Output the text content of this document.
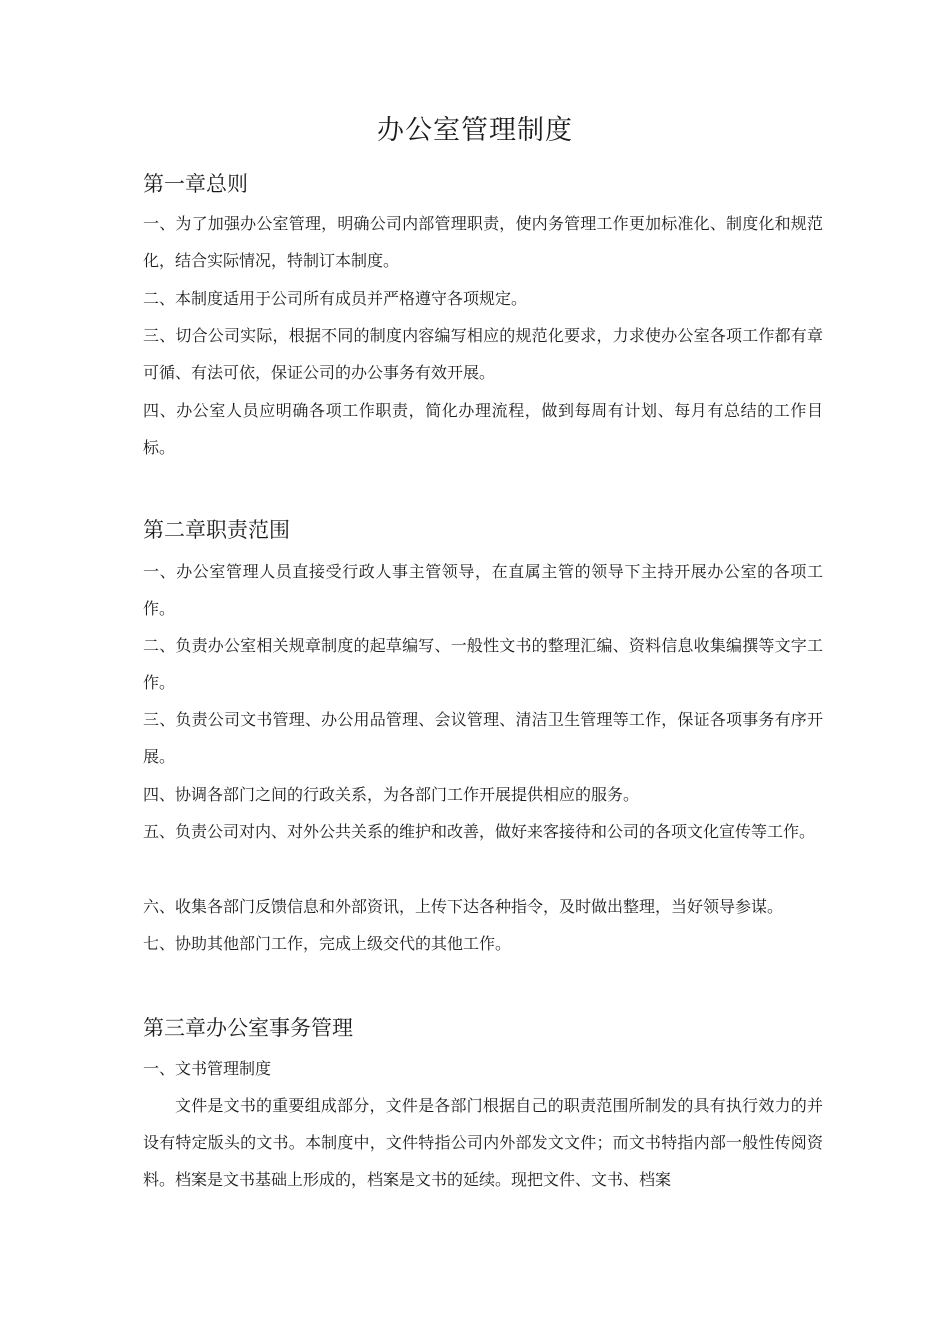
办公室管理制度
第一章总则

一、为了加强办公室管理，明确公司内部管理职责，使内务管理工作更加标准化、制度化和规范化，结合实际情况，特制订本制度。

二、本制度适用于公司所有成员并严格遵守各项规定。

三、切合公司实际，根据不同的制度内容编写相应的规范化要求，力求使办公室各项工作都有章可循、有法可依，保证公司的办公事务有效开展。

四、办公室人员应明确各项工作职责，简化办理流程，做到每周有计划、每月有总结的工作目标。

第二章职责范围

一、办公室管理人员直接受行政人事主管领导，在直属主管的领导下主持开展办公室的各项工作。

二、负责办公室相关规章制度的起草编写、一般性文书的整理汇编、资料信息收集编撰等文字工作。

三、负责公司文书管理、办公用品管理、会议管理、清洁卫生管理等工作，保证各项事务有序开展。

四、协调各部门之间的行政关系，为各部门工作开展提供相应的服务。

五、负责公司对内、对外公共关系的维护和改善，做好来客接待和公司的各项文化宣传等工作。

六、收集各部门反馈信息和外部资讯，上传下达各种指令，及时做出整理，当好领导参谋。

七、协助其他部门工作，完成上级交代的其他工作。

第三章办公室事务管理

一、文书管理制度

文件是文书的重要组成部分，文件是各部门根据自己的职责范围所制发的具有执行效力的并设有特定版头的文书。本制度中，文件特指公司内外部发文文件；而文书特指内部一般性传阅资料。档案是文书基础上形成的，档案是文书的延续。现把文件、文书、档案
